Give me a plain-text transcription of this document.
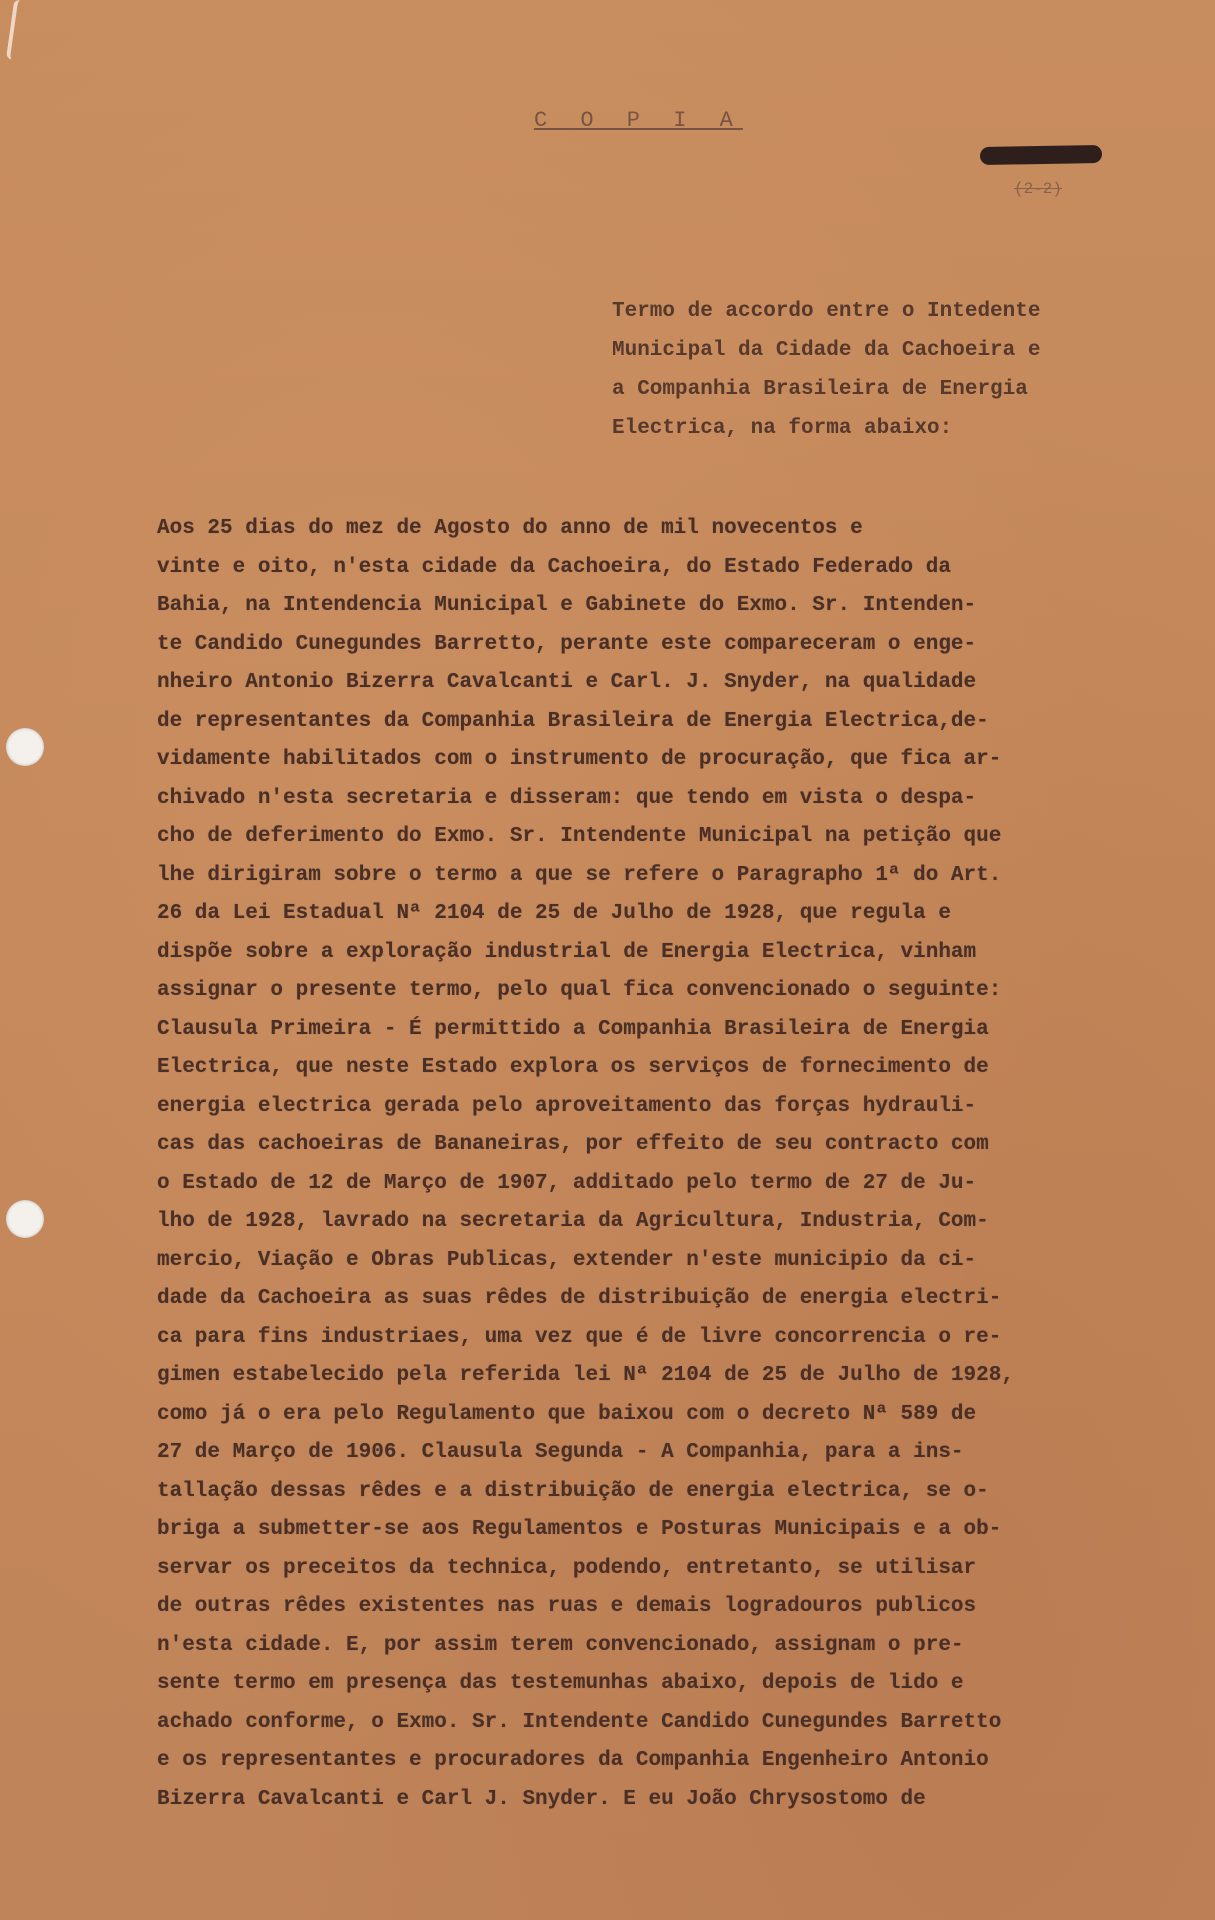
C O P I A
(2-2)
Termo de accordo entre o Intedente
Municipal da Cidade da Cachoeira e
a Companhia Brasileira de Energia
Electrica, na forma abaixo:
Aos 25 dias do mez de Agosto do anno de mil novecentos e
vinte e oito, n'esta cidade da Cachoeira, do Estado Federado da
Bahia, na Intendencia Municipal e Gabinete do Exmo. Sr. Intenden-
te Candido Cunegundes Barretto, perante este compareceram o enge-
nheiro Antonio Bizerra Cavalcanti e Carl. J. Snyder, na qualidade
de representantes da Companhia Brasileira de Energia Electrica,de-
vidamente habilitados com o instrumento de procuração, que fica ar-
chivado n'esta secretaria e disseram: que tendo em vista o despa-
cho de deferimento do Exmo. Sr. Intendente Municipal na petição que
lhe dirigiram sobre o termo a que se refere o Paragrapho 1ª do Art.
26 da Lei Estadual Nª 2104 de 25 de Julho de 1928, que regula e
dispõe sobre a exploração industrial de Energia Electrica, vinham
assignar o presente termo, pelo qual fica convencionado o seguinte:
Clausula Primeira - É permittido a Companhia Brasileira de Energia
Electrica, que neste Estado explora os serviços de fornecimento de
energia electrica gerada pelo aproveitamento das forças hydrauli-
cas das cachoeiras de Bananeiras, por effeito de seu contracto com
o Estado de 12 de Março de 1907, additado pelo termo de 27 de Ju-
lho de 1928, lavrado na secretaria da Agricultura, Industria, Com-
mercio, Viação e Obras Publicas, extender n'este municipio da ci-
dade da Cachoeira as suas rêdes de distribuição de energia electri-
ca para fins industriaes, uma vez que é de livre concorrencia o re-
gimen estabelecido pela referida lei Nª 2104 de 25 de Julho de 1928,
como já o era pelo Regulamento que baixou com o decreto Nª 589 de
27 de Março de 1906. Clausula Segunda - A Companhia, para a ins-
tallação dessas rêdes e a distribuição de energia electrica, se o-
briga a submetter-se aos Regulamentos e Posturas Municipais e a ob-
servar os preceitos da technica, podendo, entretanto, se utilisar
de outras rêdes existentes nas ruas e demais logradouros publicos
n'esta cidade. E, por assim terem convencionado, assignam o pre-
sente termo em presença das testemunhas abaixo, depois de lido e
achado conforme, o Exmo. Sr. Intendente Candido Cunegundes Barretto
e os representantes e procuradores da Companhia Engenheiro Antonio
Bizerra Cavalcanti e Carl J. Snyder. E eu João Chrysostomo de
